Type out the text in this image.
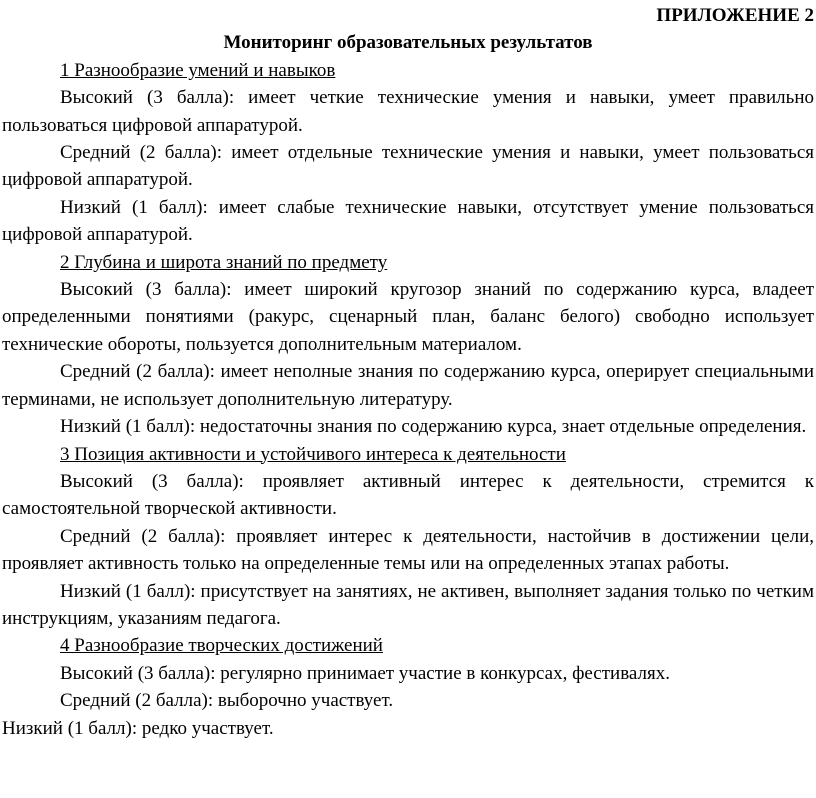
ПРИЛОЖЕНИЕ 2

Мониторинг образовательных результатов

1 Разнообразие умений и навыков

Высокий (3 балла): имеет четкие технические умения и навыки, умеет правильно пользоваться цифровой аппаратурой.

Средний (2 балла): имеет отдельные технические умения и навыки, умеет пользоваться цифровой аппаратурой.

Низкий (1 балл): имеет слабые технические навыки, отсутствует умение пользоваться цифровой аппаратурой.

2 Глубина и широта знаний по предмету

Высокий (3 балла): имеет широкий кругозор знаний по содержанию курса, владеет определенными понятиями (ракурс, сценарный план, баланс белого) свободно использует технические обороты, пользуется дополнительным материалом.

Средний (2 балла): имеет неполные знания по содержанию курса, оперирует специальными терминами, не использует дополнительную литературу.

Низкий (1 балл): недостаточны знания по содержанию курса, знает отдельные определения.

3 Позиция активности и устойчивого интереса к деятельности

Высокий (3 балла): проявляет активный интерес к деятельности, стремится к самостоятельной творческой активности.

Средний (2 балла): проявляет интерес к деятельности, настойчив в достижении цели, проявляет активность только на определенные темы или на определенных этапах работы.

Низкий (1 балл): присутствует на занятиях, не активен, выполняет задания только по четким инструкциям, указаниям педагога.

4 Разнообразие творческих достижений

Высокий (3 балла): регулярно принимает участие в конкурсах, фестивалях.

Средний (2 балла): выборочно участвует.

Низкий (1 балл): редко участвует.
